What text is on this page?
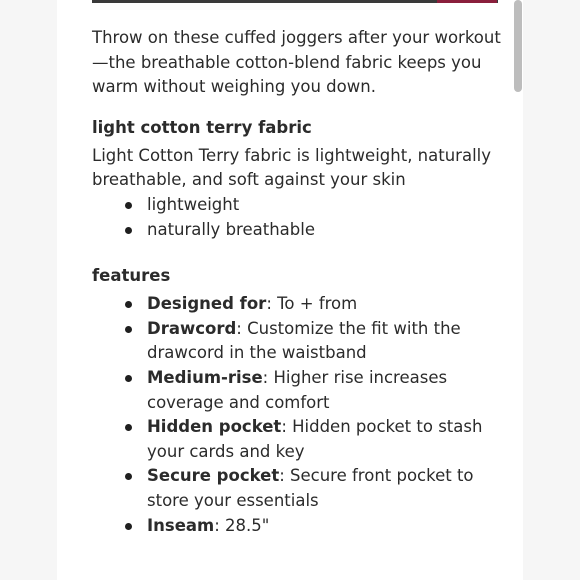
Throw on these cuffed joggers after your workout—the breathable cotton-blend fabric keeps you warm without weighing you down.

light cotton terry fabric

Light Cotton Terry fabric is lightweight, naturally breathable, and soft against your skin

lightweight
naturally breathable
features
Designed for: To + from
Drawcord: Customize the fit with the drawcord in the waistband
Medium-rise: Higher rise increases coverage and comfort
Hidden pocket: Hidden pocket to stash your cards and key
Secure pocket: Secure front pocket to store your essentials
Inseam: 28.5"
